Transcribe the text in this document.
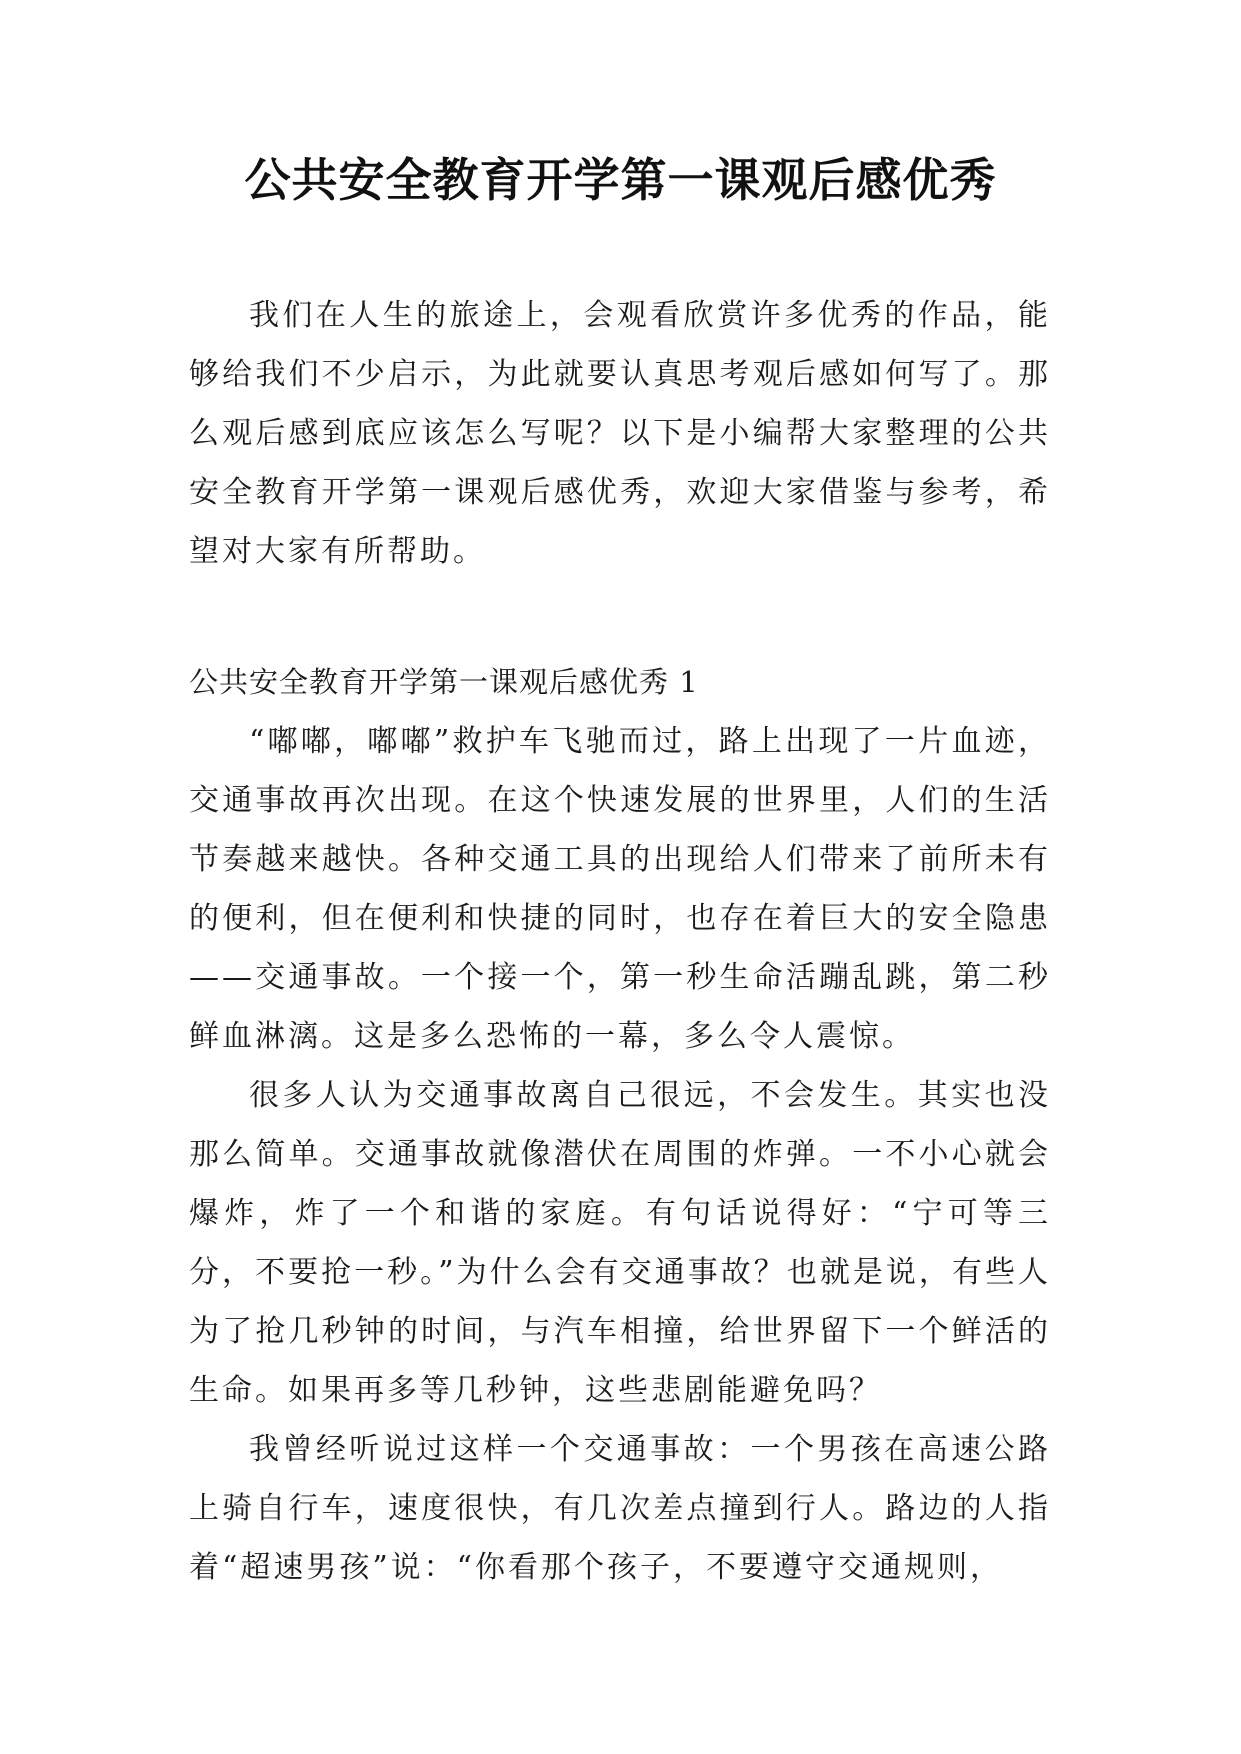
公共安全教育开学第一课观后感优秀

我们在人生的旅途上，会观看欣赏许多优秀的作品，能够给我们不少启示，为此就要认真思考观后感如何写了。那么观后感到底应该怎么写呢？以下是小编帮大家整理的公共安全教育开学第一课观后感优秀，欢迎大家借鉴与参考，希望对大家有所帮助。

公共安全教育开学第一课观后感优秀 1

“嘟嘟，嘟嘟”救护车飞驰而过，路上出现了一片血迹，交通事故再次出现。在这个快速发展的世界里，人们的生活节奏越来越快。各种交通工具的出现给人们带来了前所未有的便利，但在便利和快捷的同时，也存在着巨大的安全隐患——交通事故。一个接一个，第一秒生命活蹦乱跳，第二秒鲜血淋漓。这是多么恐怖的一幕，多么令人震惊。

很多人认为交通事故离自己很远，不会发生。其实也没那么简单。交通事故就像潜伏在周围的炸弹。一不小心就会爆炸，炸了一个和谐的家庭。有句话说得好：“宁可等三分，不要抢一秒。”为什么会有交通事故？也就是说，有些人为了抢几秒钟的时间，与汽车相撞，给世界留下一个鲜活的生命。如果再多等几秒钟，这些悲剧能避免吗？

我曾经听说过这样一个交通事故：一个男孩在高速公路上骑自行车，速度很快，有几次差点撞到行人。路边的人指着“超速男孩”说：“你看那个孩子，不要遵守交通规则，
